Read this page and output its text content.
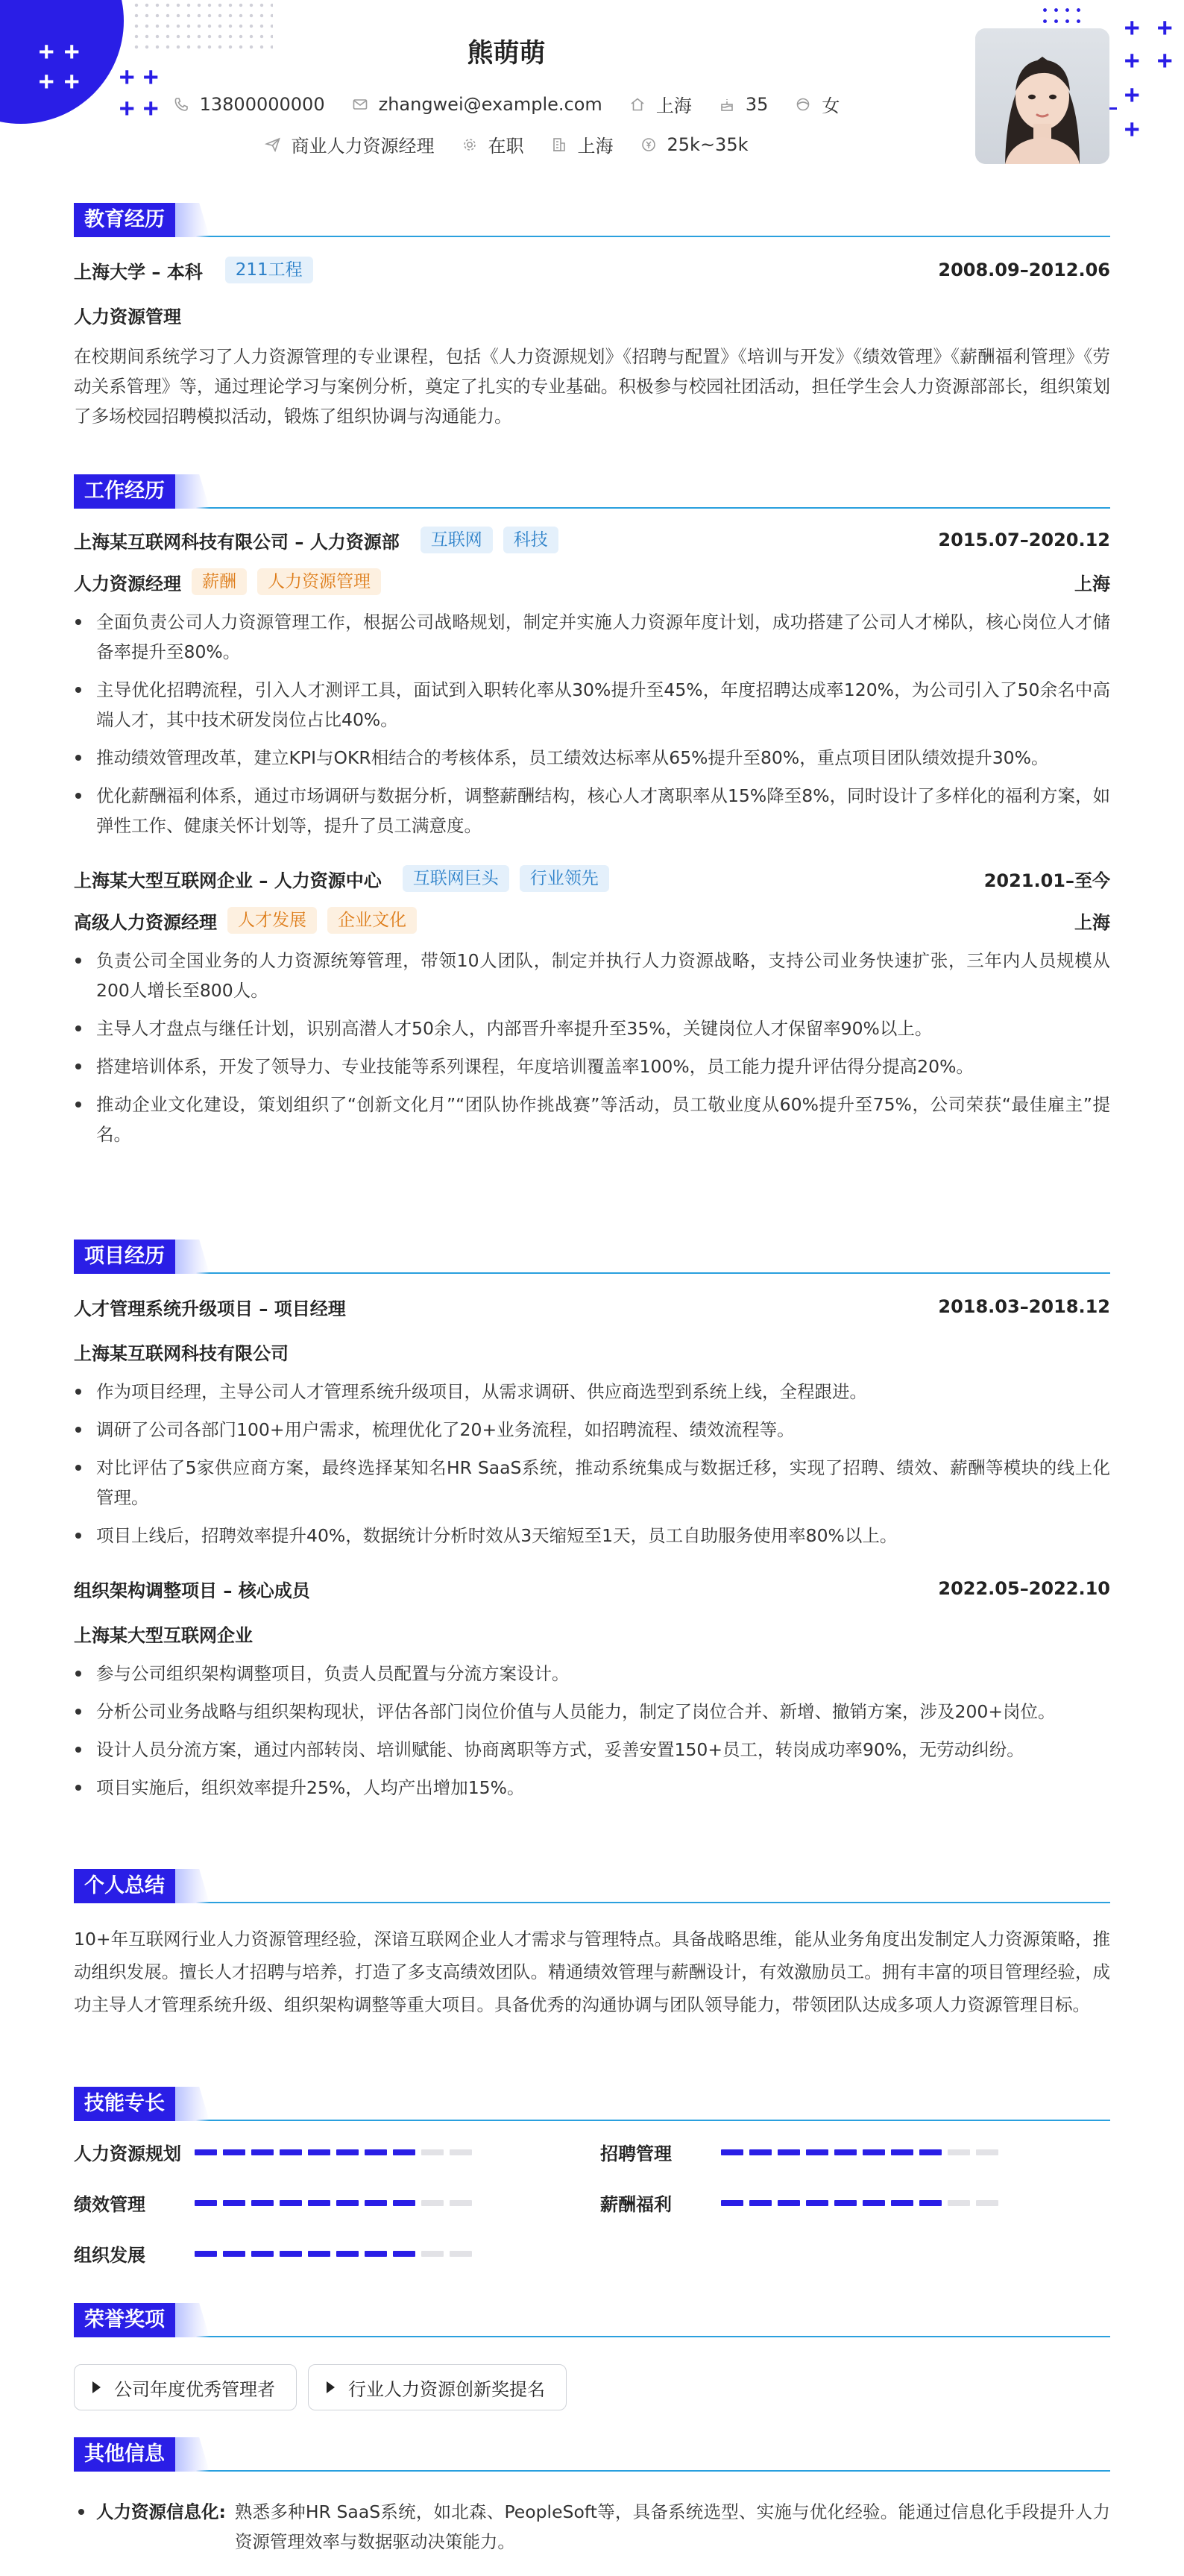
+ +
+ + + +
+ +
+ +
+ +
+
+
熊萌萌
13800000000	zhangwei@example.com	上海	35	女
商业人力资源经理	在职	上海	25k~35k
教育经历
上海大学 – 本科	211工程	2008.09–2012.06
人力资源管理
在校期间系统学习了人力资源管理的专业课程，包括《人力资源规划》《招聘与配置》《培训与开发》《绩效管理》《薪酬福利管理》《劳动关系管理》等，通过理论学习与案例分析，奠定了扎实的专业基础。积极参与校园社团活动，担任学生会人力资源部部长，组织策划了多场校园招聘模拟活动，锻炼了组织协调与沟通能力。
工作经历
上海某互联网科技有限公司 – 人力资源部	互联网	科技	2015.07–2020.12
人力资源经理	薪酬	人力资源管理	上海
全面负责公司人力资源管理工作，根据公司战略规划，制定并实施人力资源年度计划，成功搭建了公司人才梯队，核心岗位人才储备率提升至80%。
主导优化招聘流程，引入人才测评工具，面试到入职转化率从30%提升至45%，年度招聘达成率120%，为公司引入了50余名中高端人才，其中技术研发岗位占比40%。
推动绩效管理改革，建立KPI与OKR相结合的考核体系，员工绩效达标率从65%提升至80%，重点项目团队绩效提升30%。
优化薪酬福利体系，通过市场调研与数据分析，调整薪酬结构，核心人才离职率从15%降至8%，同时设计了多样化的福利方案，如弹性工作、健康关怀计划等，提升了员工满意度。
上海某大型互联网企业 – 人力资源中心	互联网巨头	行业领先	2021.01–至今
高级人力资源经理	人才发展	企业文化	上海
负责公司全国业务的人力资源统筹管理，带领10人团队，制定并执行人力资源战略，支持公司业务快速扩张，三年内人员规模从200人增长至800人。
主导人才盘点与继任计划，识别高潜人才50余人，内部晋升率提升至35%，关键岗位人才保留率90%以上。
搭建培训体系，开发了领导力、专业技能等系列课程，年度培训覆盖率100%，员工能力提升评估得分提高20%。
推动企业文化建设，策划组织了“创新文化月”“团队协作挑战赛”等活动，员工敬业度从60%提升至75%，公司荣获“最佳雇主”提名。
项目经历
人才管理系统升级项目 – 项目经理	2018.03–2018.12
上海某互联网科技有限公司
作为项目经理，主导公司人才管理系统升级项目，从需求调研、供应商选型到系统上线，全程跟进。
调研了公司各部门100+用户需求，梳理优化了20+业务流程，如招聘流程、绩效流程等。
对比评估了5家供应商方案，最终选择某知名HR SaaS系统，推动系统集成与数据迁移，实现了招聘、绩效、薪酬等模块的线上化管理。
项目上线后，招聘效率提升40%，数据统计分析时效从3天缩短至1天，员工自助服务使用率80%以上。
组织架构调整项目 – 核心成员	2022.05–2022.10
上海某大型互联网企业
参与公司组织架构调整项目，负责人员配置与分流方案设计。
分析公司业务战略与组织架构现状，评估各部门岗位价值与人员能力，制定了岗位合并、新增、撤销方案，涉及200+岗位。
设计人员分流方案，通过内部转岗、培训赋能、协商离职等方式，妥善安置150+员工，转岗成功率90%，无劳动纠纷。
项目实施后，组织效率提升25%，人均产出增加15%。
个人总结
10+年互联网行业人力资源管理经验，深谙互联网企业人才需求与管理特点。具备战略思维，能从业务角度出发制定人力资源策略，推动组织发展。擅长人才招聘与培养，打造了多支高绩效团队。精通绩效管理与薪酬设计，有效激励员工。拥有丰富的项目管理经验，成功主导人才管理系统升级、组织架构调整等重大项目。具备优秀的沟通协调与团队领导能力，带领团队达成多项人力资源管理目标。
技能专长
人力资源规划	招聘管理
绩效管理	薪酬福利
组织发展
荣誉奖项
公司年度优秀管理者	行业人力资源创新奖提名
其他信息
人力资源信息化: 熟悉多种HR SaaS系统，如北森、PeopleSoft等，具备系统选型、实施与优化经验。能通过信息化手段提升人力资源管理效率与数据驱动决策能力。
